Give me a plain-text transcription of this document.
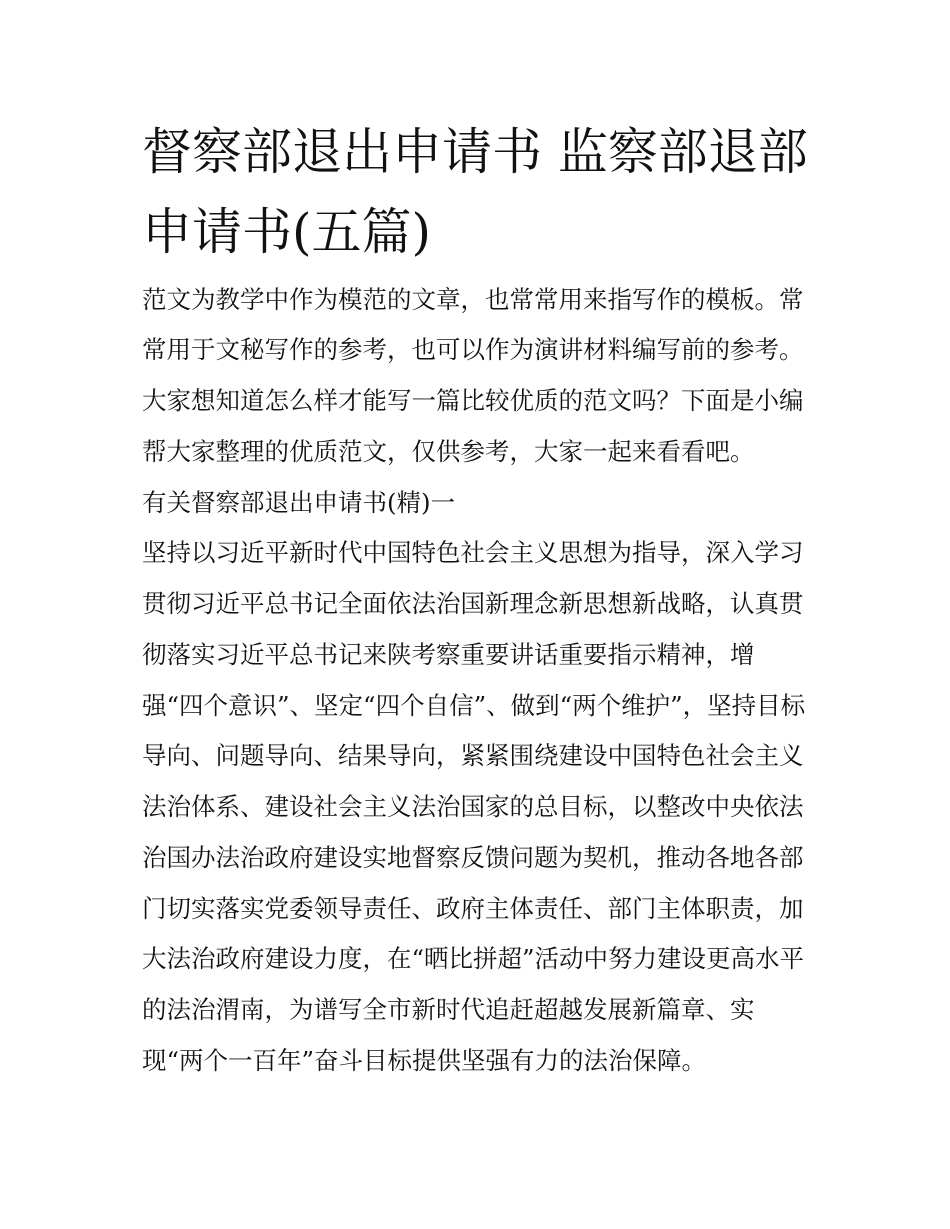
督察部退出申请书 监察部退部
申请书(五篇)

范文为教学中作为模范的文章，也常常用来指写作的模板。常

常用于文秘写作的参考，也可以作为演讲材料编写前的参考。

大家想知道怎么样才能写一篇比较优质的范文吗？下面是小编

帮大家整理的优质范文，仅供参考，大家一起来看看吧。

有关督察部退出申请书(精)一

坚持以习近平新时代中国特色社会主义思想为指导，深入学习

贯彻习近平总书记全面依法治国新理念新思想新战略，认真贯

彻落实习近平总书记来陕考察重要讲话重要指示精神，增

强“四个意识”、坚定“四个自信”、做到“两个维护”，坚持目标

导向、问题导向、结果导向，紧紧围绕建设中国特色社会主义

法治体系、建设社会主义法治国家的总目标，以整改中央依法

治国办法治政府建设实地督察反馈问题为契机，推动各地各部

门切实落实党委领导责任、政府主体责任、部门主体职责，加

大法治政府建设力度，在“晒比拼超”活动中努力建设更高水平

的法治渭南，为谱写全市新时代追赶超越发展新篇章、实

现“两个一百年”奋斗目标提供坚强有力的法治保障。
